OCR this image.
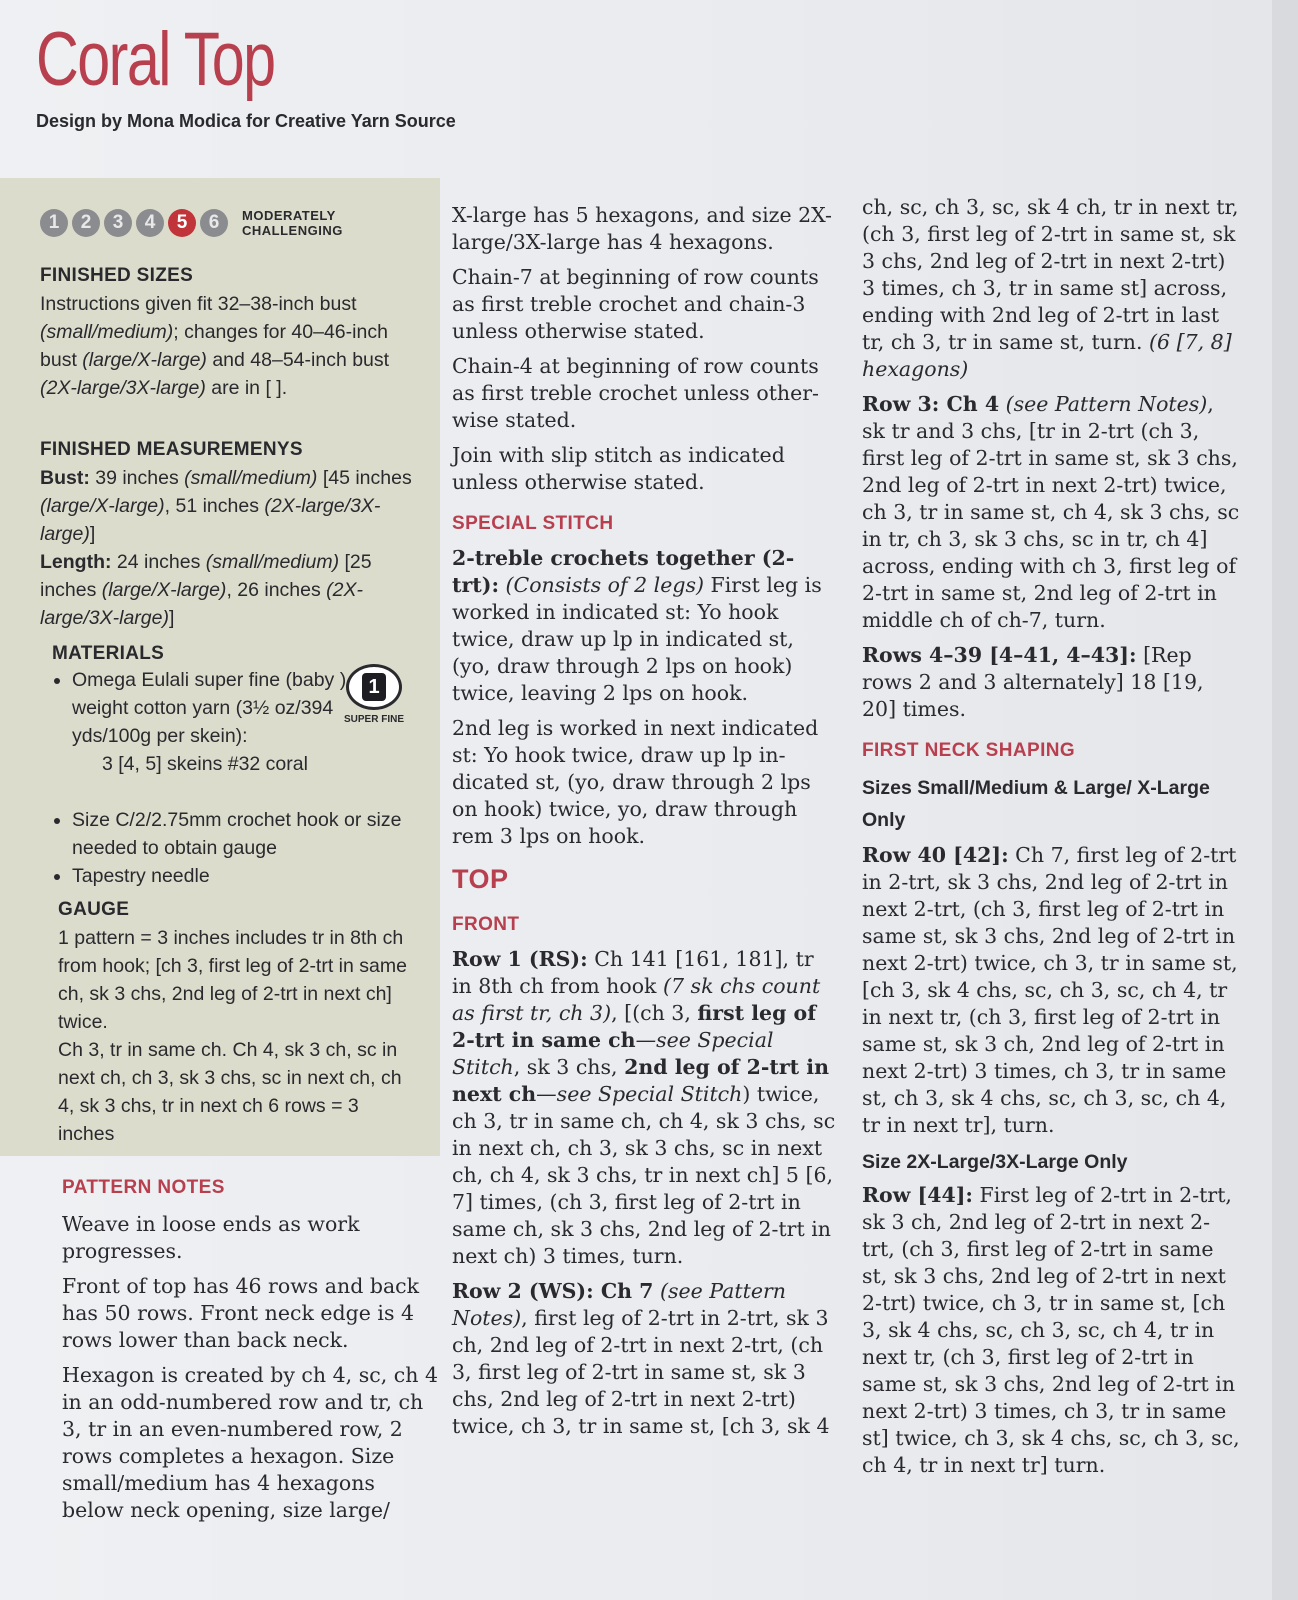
Coral Top
Design by Mona Modica for Creative Yarn Source
1	2	3	4	5	6	MODERATELY
CHALLENGING
FINISHED SIZES

Instructions given fit 32–38-inch bust (small/medium); changes for 40–46-inch bust (large/X-large) and 48–54-inch bust (2X-large/3X-large) are in [ ].

FINISHED MEASUREMENYS

Bust: 39 inches (small/medium) [45 inches (large/X-large), 51 inches (2X-large/3X-large)]

Length: 24 inches (small/medium) [25 inches (large/X-large), 26 inches (2X-large/3X-large)]

MATERIALS
• Omega Eulali super fine (baby ) weight cotton yarn (3½ oz/394 yds/100g per skein):
3 [4, 5] skeins #32 coral
• Size C/2/2.75mm crochet hook or size needed to obtain gauge
• Tapestry needle
1
SUPER FINE
GAUGE

1 pattern = 3 inches includes tr in 8th ch from hook; [ch 3, first leg of 2-trt in same ch, sk 3 chs, 2nd leg of 2-trt in next ch] twice.

Ch 3, tr in same ch. Ch 4, sk 3 ch, sc in next ch, ch 3, sk 3 chs, sc in next ch, ch 4, sk 3 chs, tr in next ch 6 rows = 3 inches

PATTERN NOTES

Weave in loose ends as work progresses.

Front of top has 46 rows and back has 50 rows. Front neck edge is 4 rows lower than back neck.

Hexagon is created by ch 4, sc, ch 4 in an odd-numbered row and tr, ch 3, tr in an even-numbered row, 2 rows completes a hexagon. Size small/medium has 4 hexagons below neck opening, size large/

X-large has 5 hexagons, and size 2X-large/3X-large has 4 hexagons.

Chain-7 at beginning of row counts as first treble crochet and chain-3 unless otherwise stated.

Chain-4 at beginning of row counts as first treble crochet unless other-wise stated.

Join with slip stitch as indicated unless otherwise stated.

SPECIAL STITCH

2-treble crochets together (2-trt): (Consists of 2 legs) First leg is worked in indicated st: Yo hook twice, draw up lp in indicated st, (yo, draw through 2 lps on hook) twice, leaving 2 lps on hook.

2nd leg is worked in next indicated st: Yo hook twice, draw up lp in-dicated st, (yo, draw through 2 lps on hook) twice, yo, draw through rem 3 lps on hook.

TOP

FRONT

Row 1 (RS): Ch 141 [161, 181], tr in 8th ch from hook (7 sk chs count as first tr, ch 3), [(ch 3, first leg of 2-trt in same ch—see Special Stitch, sk 3 chs, 2nd leg of 2-trt in next ch—see Special Stitch) twice, ch 3, tr in same ch, ch 4, sk 3 chs, sc in next ch, ch 3, sk 3 chs, sc in next ch, ch 4, sk 3 chs, tr in next ch] 5 [6, 7] times, (ch 3, first leg of 2-trt in same ch, sk 3 chs, 2nd leg of 2-trt in next ch) 3 times, turn.

Row 2 (WS): Ch 7 (see Pattern Notes), first leg of 2-trt in 2-trt, sk 3 ch, 2nd leg of 2-trt in next 2-trt, (ch 3, first leg of 2-trt in same st, sk 3 chs, 2nd leg of 2-trt in next 2-trt) twice, ch 3, tr in same st, [ch 3, sk 4

ch, sc, ch 3, sc, sk 4 ch, tr in next tr, (ch 3, first leg of 2-trt in same st, sk 3 chs, 2nd leg of 2-trt in next 2-trt) 3 times, ch 3, tr in same st] across, ending with 2nd leg of 2-trt in last tr, ch 3, tr in same st, turn. (6 [7, 8] hexagons)

Row 3: Ch 4 (see Pattern Notes), sk tr and 3 chs, [tr in 2-trt (ch 3, first leg of 2-trt in same st, sk 3 chs, 2nd leg of 2-trt in next 2-trt) twice, ch 3, tr in same st, ch 4, sk 3 chs, sc in tr, ch 3, sk 3 chs, sc in tr, ch 4] across, ending with ch 3, first leg of 2-trt in same st, 2nd leg of 2-trt in middle ch of ch-7, turn.

Rows 4–39 [4–41, 4–43]: [Rep rows 2 and 3 alternately] 18 [19, 20] times.

FIRST NECK SHAPING

Sizes Small/Medium & Large/ X-Large Only

Row 40 [42]: Ch 7, first leg of 2-trt in 2-trt, sk 3 chs, 2nd leg of 2-trt in next 2-trt, (ch 3, first leg of 2-trt in same st, sk 3 chs, 2nd leg of 2-trt in next 2-trt) twice, ch 3, tr in same st, [ch 3, sk 4 chs, sc, ch 3, sc, ch 4, tr in next tr, (ch 3, first leg of 2-trt in same st, sk 3 ch, 2nd leg of 2-trt in next 2-trt) 3 times, ch 3, tr in same st, ch 3, sk 4 chs, sc, ch 3, sc, ch 4, tr in next tr], turn.

Size 2X-Large/3X-Large Only

Row [44]: First leg of 2-trt in 2-trt, sk 3 ch, 2nd leg of 2-trt in next 2-trt, (ch 3, first leg of 2-trt in same st, sk 3 chs, 2nd leg of 2-trt in next 2-trt) twice, ch 3, tr in same st, [ch 3, sk 4 chs, sc, ch 3, sc, ch 4, tr in next tr, (ch 3, first leg of 2-trt in same st, sk 3 chs, 2nd leg of 2-trt in next 2-trt) 3 times, ch 3, tr in same st] twice, ch 3, sk 4 chs, sc, ch 3, sc, ch 4, tr in next tr] turn.
